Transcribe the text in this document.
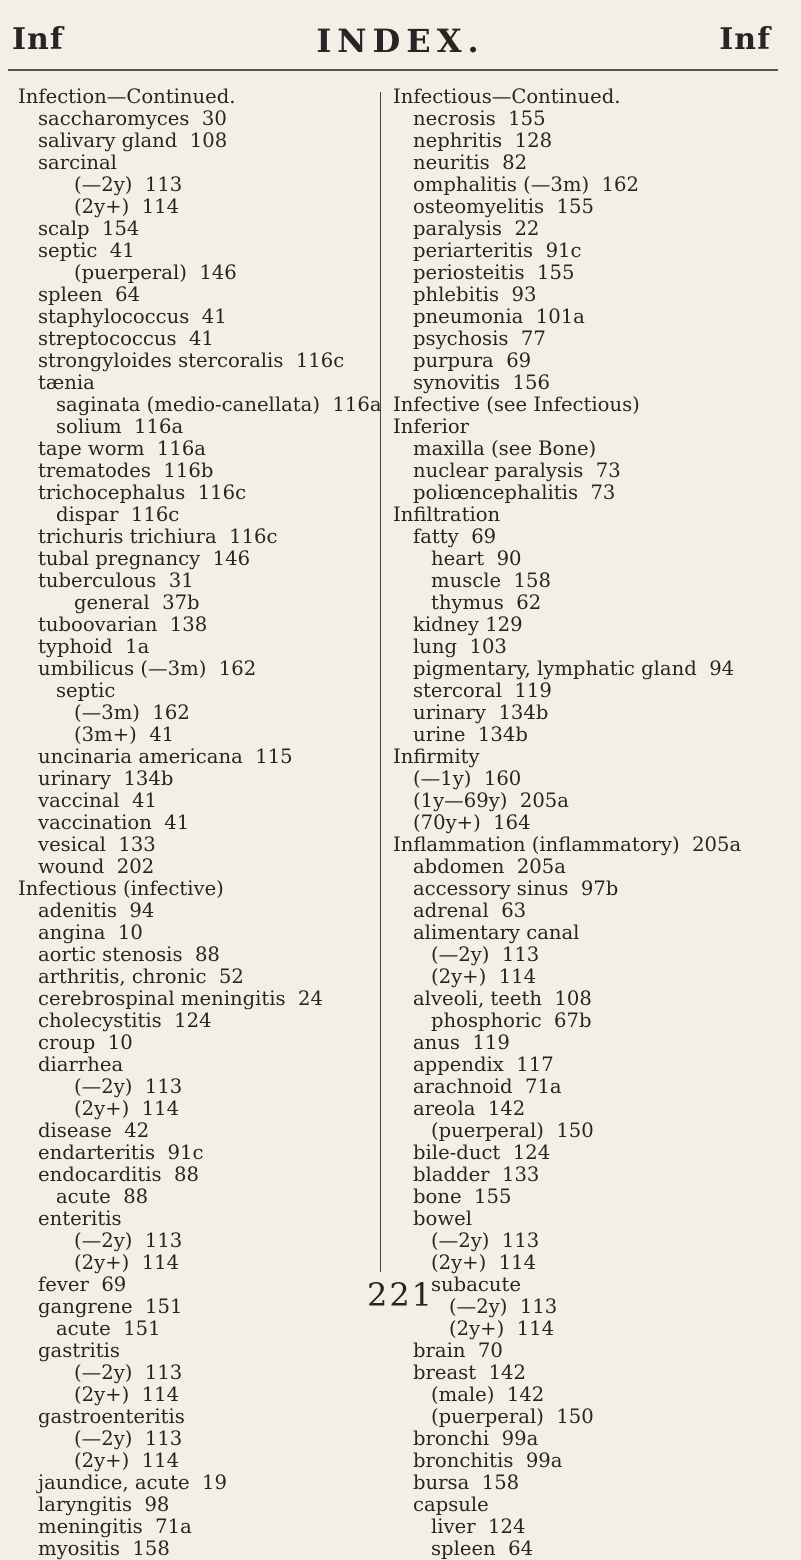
Inf	INDEX.	Inf
Infection—Continued.
saccharomyces  30
salivary gland  108
sarcinal
(—2y)  113
(2y+)  114
scalp  154
septic  41
(puerperal)  146
spleen  64
staphylococcus  41
streptococcus  41
strongyloides stercoralis  116c
tænia
saginata (medio-canellata)  116a
solium  116a
tape worm  116a
trematodes  116b
trichocephalus  116c
dispar  116c
trichuris trichiura  116c
tubal pregnancy  146
tuberculous  31
general  37b
tuboovarian  138
typhoid  1a
umbilicus (—3m)  162
septic
(—3m)  162
(3m+)  41
uncinaria americana  115
urinary  134b
vaccinal  41
vaccination  41
vesical  133
wound  202
Infectious (infective)
adenitis  94
angina  10
aortic stenosis  88
arthritis, chronic  52
cerebrospinal meningitis  24
cholecystitis  124
croup  10
diarrhea
(—2y)  113
(2y+)  114
disease  42
endarteritis  91c
endocarditis  88
acute  88
enteritis
(—2y)  113
(2y+)  114
fever  69
gangrene  151
acute  151
gastritis
(—2y)  113
(2y+)  114
gastroenteritis
(—2y)  113
(2y+)  114
jaundice, acute  19
laryngitis  98
meningitis  71a
myositis  158
Infectious—Continued.
necrosis  155
nephritis  128
neuritis  82
omphalitis (—3m)  162
osteomyelitis  155
paralysis  22
periarteritis  91c
periosteitis  155
phlebitis  93
pneumonia  101a
psychosis  77
purpura  69
synovitis  156
Infective (see Infectious)
Inferior
maxilla (see Bone)
nuclear paralysis  73
poliœncephalitis  73
Infiltration
fatty  69
heart  90
muscle  158
thymus  62
kidney 129
lung  103
pigmentary, lymphatic gland  94
stercoral  119
urinary  134b
urine  134b
Infirmity
(—1y)  160
(1y—69y)  205a
(70y+)  164
Inflammation (inflammatory)  205a
abdomen  205a
accessory sinus  97b
adrenal  63
alimentary canal
(—2y)  113
(2y+)  114
alveoli, teeth  108
phosphoric  67b
anus  119
appendix  117
arachnoid  71a
areola  142
(puerperal)  150
bile-duct  124
bladder  133
bone  155
bowel
(—2y)  113
(2y+)  114
subacute
(—2y)  113
(2y+)  114
brain  70
breast  142
(male)  142
(puerperal)  150
bronchi  99a
bronchitis  99a
bursa  158
capsule
liver  124
spleen  64
221
